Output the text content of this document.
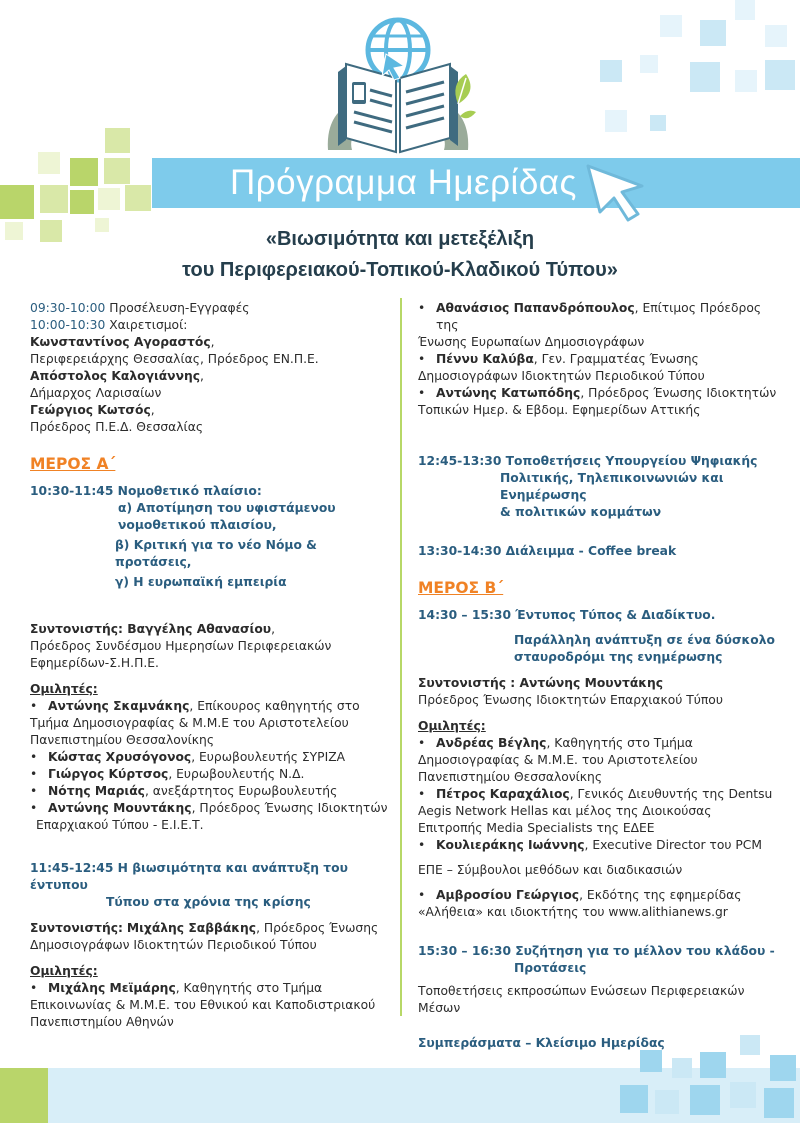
Πρόγραμμα Ημερίδας
«Βιωσιμότητα και μετεξέλιξη
του Περιφερειακού-Τοπικού-Κλαδικού Τύπου»
09:30-10:00 Προσέλευση-Εγγραφές
10:00-10:30 Χαιρετισμοί:
Κωνσταντίνος Αγοραστός,
Περιφερειάρχης Θεσσαλίας, Πρόεδρος ΕΝ.Π.Ε.
Απόστολος Καλογιάννης,
Δήμαρχος Λαρισαίων
Γεώργιος Κωτσός,
Πρόεδρος Π.Ε.Δ. Θεσσαλίας
ΜΕΡΟΣ Α΄
10:30-11:45 Νομοθετικό πλαίσιο:
α) Αποτίμηση του υφιστάμενου
νομοθετικού πλαισίου,
β) Κριτική για το νέο Νόμο & προτάσεις,
γ) Η ευρωπαϊκή εμπειρία
Συντονιστής: Βαγγέλης Αθανασίου,
Πρόεδρος Συνδέσμου Ημερησίων Περιφερειακών
Εφημερίδων-Σ.Η.Π.Ε.
Ομιλητές:
• Αντώνης Σκαμνάκης, Επίκουρος καθηγητής στο
Τμήμα Δημοσιογραφίας & Μ.Μ.Ε του Αριστοτελείου
Πανεπιστημίου Θεσσαλονίκης
• Κώστας Χρυσόγονος, Ευρωβουλευτής ΣΥΡΙΖΑ
• Γιώργος Κύρτσος, Ευρωβουλευτής Ν.Δ.
• Νότης Μαριάς, ανεξάρτητος Ευρωβουλευτής
• Αντώνης Μουντάκης, Πρόεδρος Ένωσης Ιδιοκτητών
Επαρχιακού Τύπου - Ε.Ι.Ε.Τ.
11:45-12:45 Η βιωσιμότητα και ανάπτυξη του έντυπου
Τύπου στα χρόνια της κρίσης
Συντονιστής: Μιχάλης Σαββάκης, Πρόεδρος Ένωσης
Δημοσιογράφων Ιδιοκτητών Περιοδικού Τύπου
Ομιλητές:
• Μιχάλης Μεϊμάρης, Καθηγητής στο Τμήμα
Επικοινωνίας & Μ.Μ.Ε. του Εθνικού και Καποδιστριακού
Πανεπιστημίου Αθηνών
• Αθανάσιος Παπανδρόπουλος, Επίτιμος Πρόεδρος της
Ένωσης Ευρωπαίων Δημοσιογράφων
• Πέννυ Καλύβα, Γεν. Γραμματέας Ένωσης
Δημοσιογράφων Ιδιοκτητών Περιοδικού Τύπου
• Αντώνης Κατωπόδης, Πρόεδρος Ένωσης Ιδιοκτητών
Τοπικών Ημερ. & Εβδομ. Εφημερίδων Αττικής
12:45-13:30 Τοποθετήσεις Υπουργείου Ψηφιακής
Πολιτικής, Τηλεπικοινωνιών και Ενημέρωσης
& πολιτικών κομμάτων
13:30-14:30 Διάλειμμα - Coffee break
ΜΕΡΟΣ Β΄
14:30 – 15:30 Έντυπος Τύπος & Διαδίκτυο.
Παράλληλη ανάπτυξη σε ένα δύσκολο
σταυροδρόμι της ενημέρωσης
Συντονιστής : Αντώνης Μουντάκης
Πρόεδρος Ένωσης Ιδιοκτητών Επαρχιακού Τύπου
Ομιλητές:
• Ανδρέας Βέγλης, Καθηγητής στο Τμήμα
Δημοσιογραφίας & Μ.Μ.Ε. του Αριστοτελείου
Πανεπιστημίου Θεσσαλονίκης
• Πέτρος Καραχάλιος, Γενικός Διευθυντής της Dentsu
Aegis Network Hellas και μέλος της Διοικούσας
Επιτροπής Media Specialists της ΕΔΕΕ
• Κουλιεράκης Ιωάννης, Executive Director του PCM
ΕΠΕ – Σύμβουλοι μεθόδων και διαδικασιών
• Αμβροσίου Γεώργιος, Εκδότης της εφημερίδας
«Αλήθεια» και ιδιοκτήτης του www.alithianews.gr
15:30 – 16:30 Συζήτηση για το μέλλον του κλάδου -
Προτάσεις
Τοποθετήσεις εκπροσώπων Ενώσεων Περιφερειακών
Μέσων
Συμπεράσματα – Κλείσιμο Ημερίδας
